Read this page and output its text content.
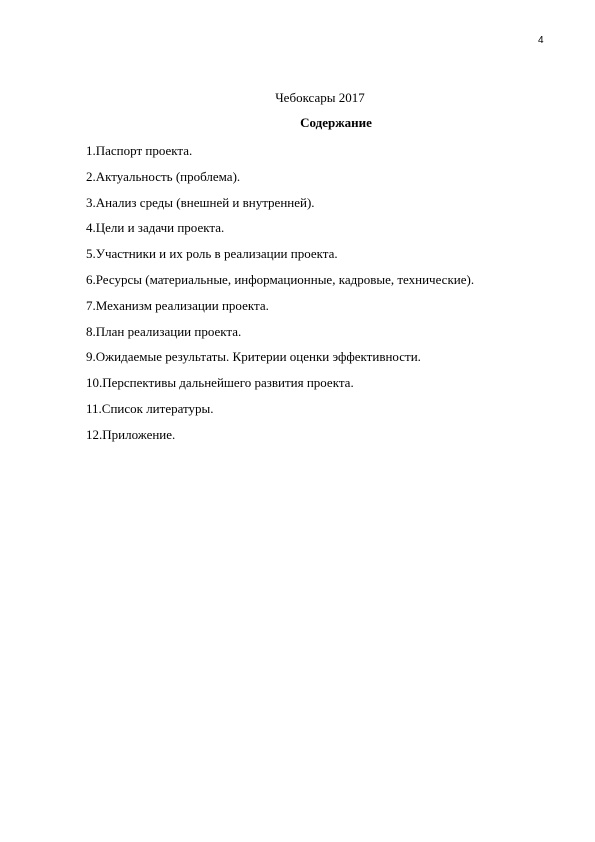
4
Чебоксары 2017
Содержание
1.Паспорт проекта.
2.Актуальность (проблема).
3.Анализ среды (внешней и внутренней).
4.Цели и задачи проекта.
5.Участники и их роль в реализации проекта.
6.Ресурсы (материальные, информационные, кадровые, технические).
7.Механизм реализации проекта.
8.План реализации проекта.
9.Ожидаемые результаты. Критерии оценки эффективности.
10.Перспективы дальнейшего развития проекта.
11.Список литературы.
12.Приложение.
